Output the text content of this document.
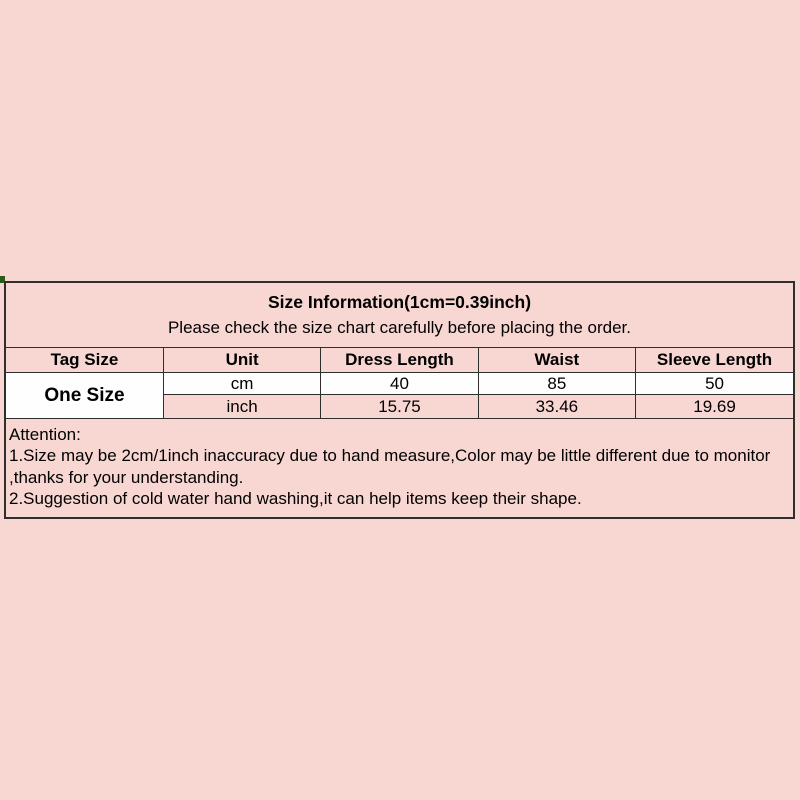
Size Information(1cm=0.39inch)
Please check the size chart carefully before placing the order.
Tag Size	Unit	Dress Length	Waist	Sleeve Length
One Size	cm	40	85	50
	inch	15.75	33.46	19.69
Attention:
1.Size may be 2cm/1inch inaccuracy due to hand measure,Color may be little different due to monitor
,thanks for your understanding.
2.Suggestion of cold water hand washing,it can help items keep their shape.
